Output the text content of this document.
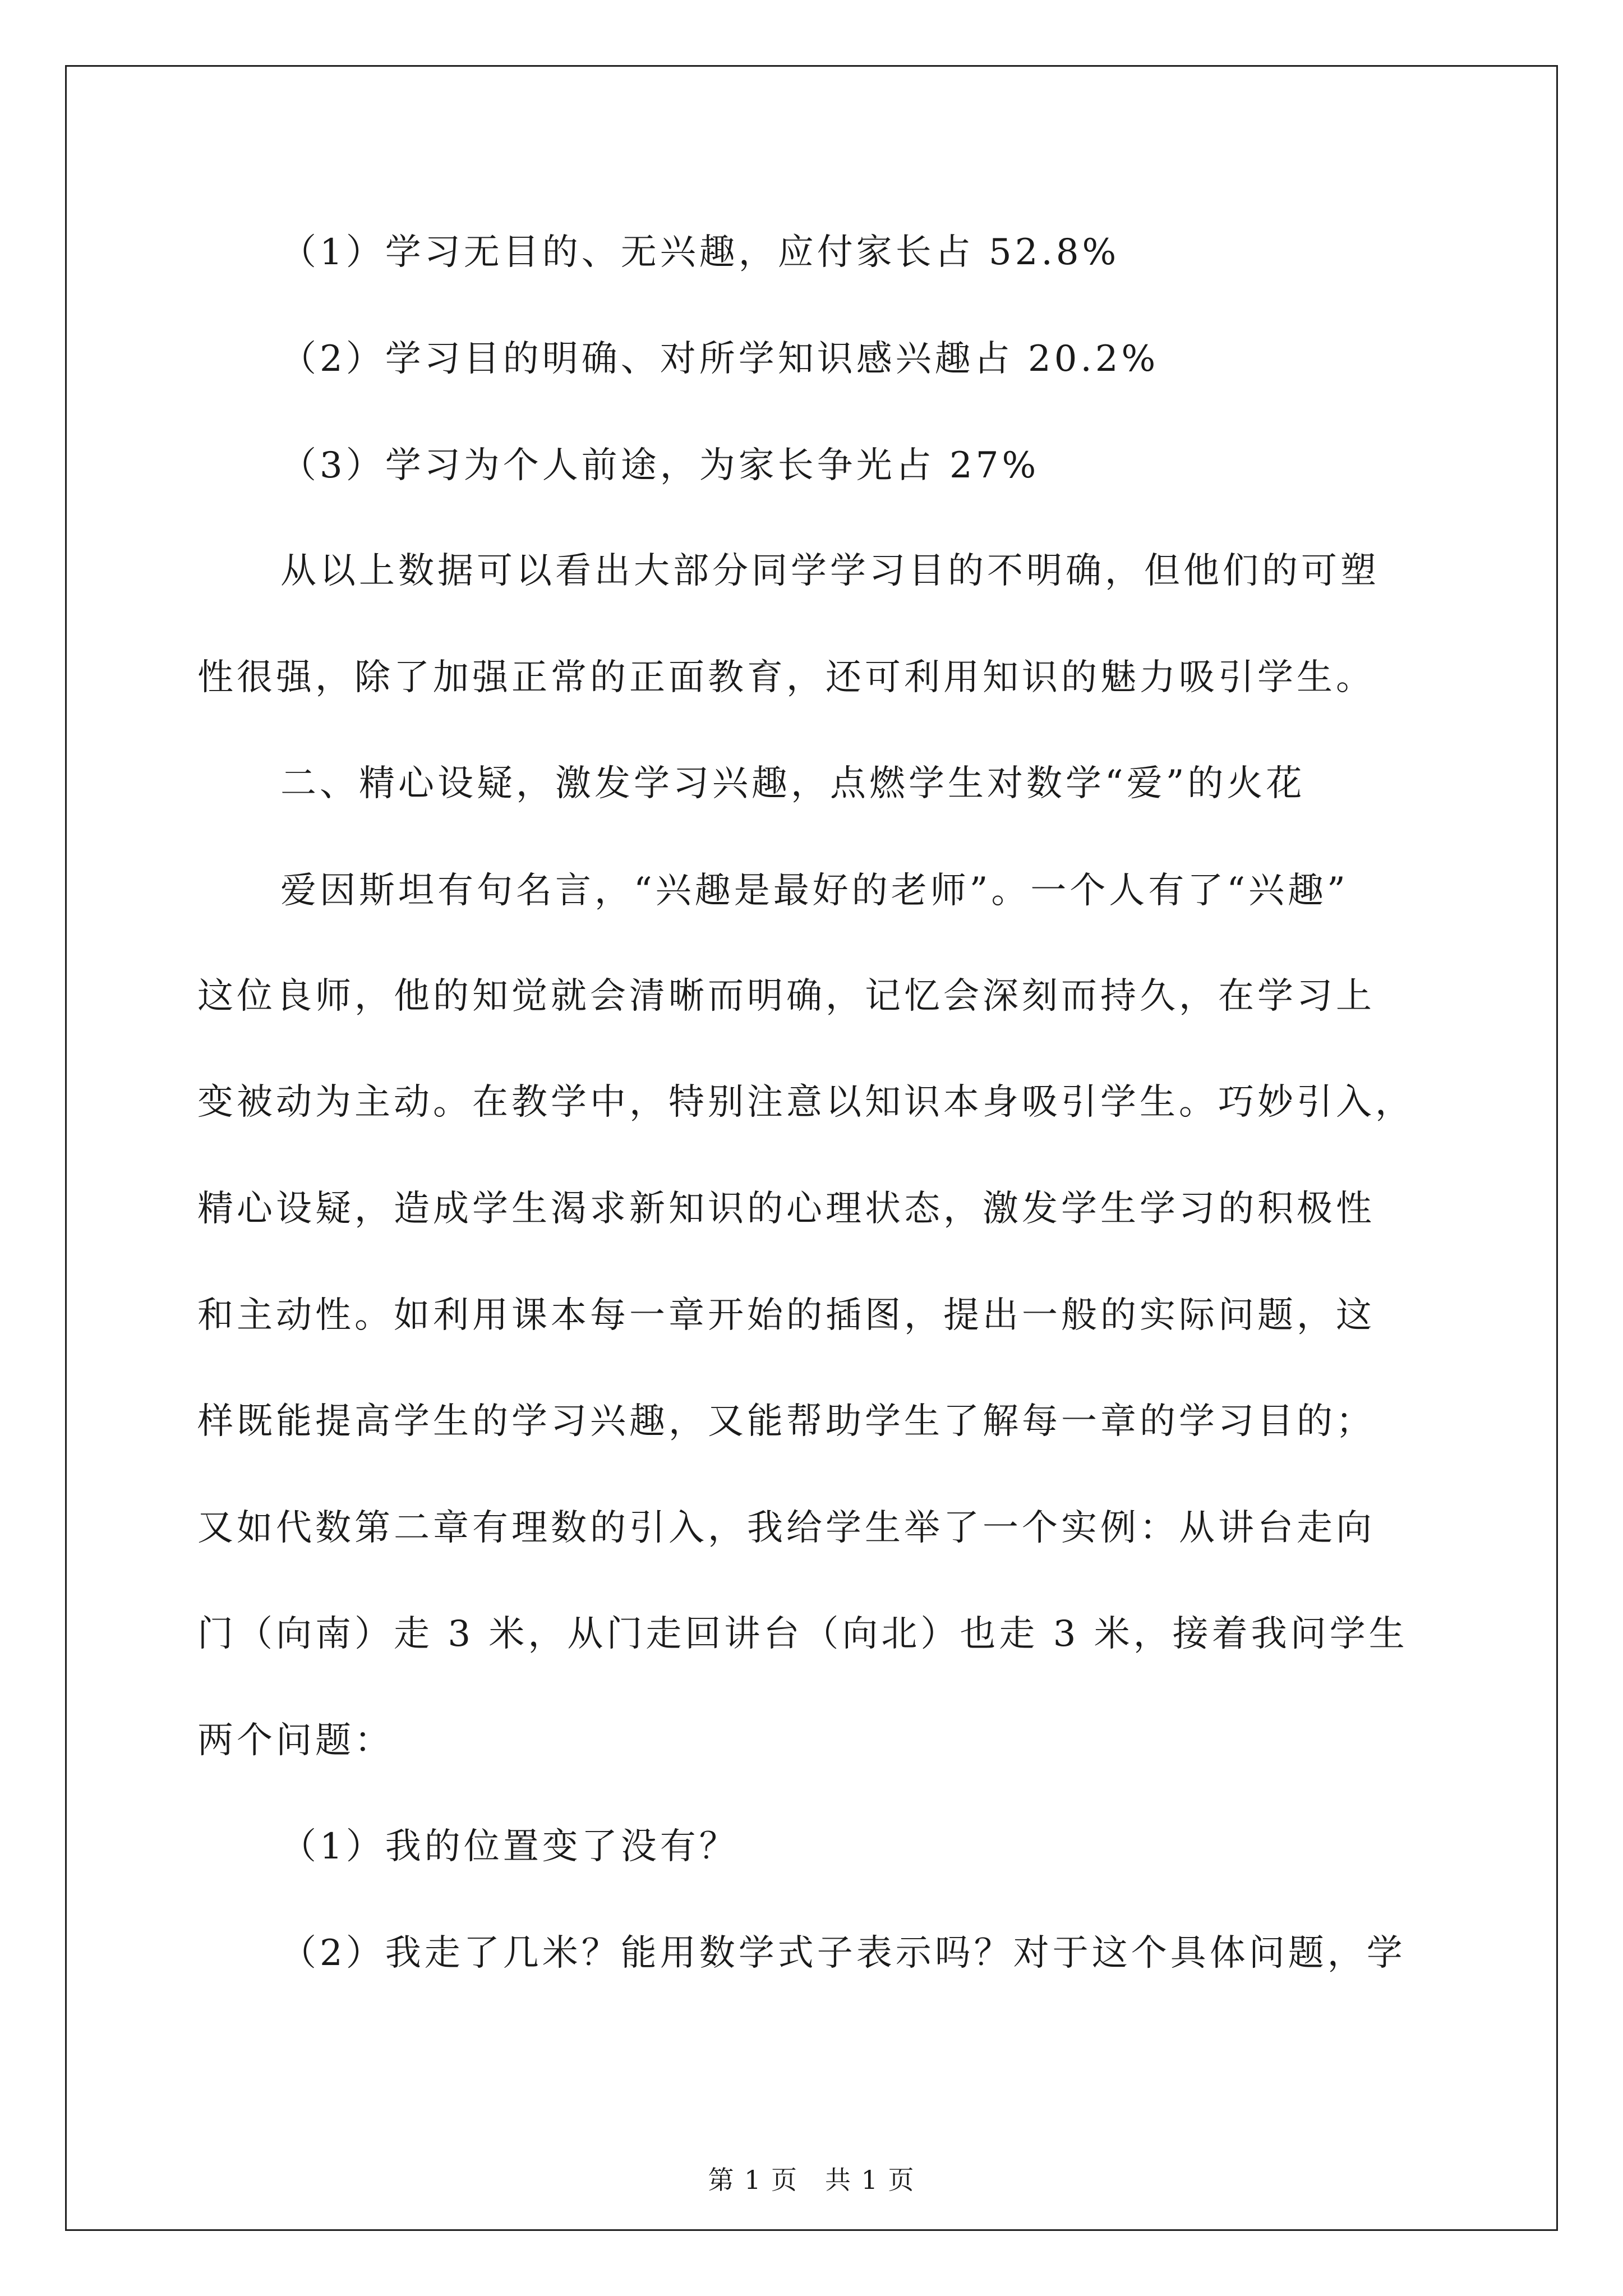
（1）学习无目的、无兴趣，应付家长占 52.8%
（2）学习目的明确、对所学知识感兴趣占 20.2%
（3）学习为个人前途，为家长争光占 27%
从以上数据可以看出大部分同学学习目的不明确，但他们的可塑
性很强，除了加强正常的正面教育，还可利用知识的魅力吸引学生。
二、精心设疑，激发学习兴趣，点燃学生对数学“爱”的火花
爱因斯坦有句名言，“兴趣是最好的老师”。一个人有了“兴趣”
这位良师，他的知觉就会清晰而明确，记忆会深刻而持久，在学习上
变被动为主动。在教学中，特别注意以知识本身吸引学生。巧妙引入，
精心设疑，造成学生渴求新知识的心理状态，激发学生学习的积极性
和主动性。如利用课本每一章开始的插图，提出一般的实际问题，这
样既能提高学生的学习兴趣，又能帮助学生了解每一章的学习目的；
又如代数第二章有理数的引入，我给学生举了一个实例：从讲台走向
门（向南）走 3 米，从门走回讲台（向北）也走 3 米，接着我问学生
两个问题：
（1）我的位置变了没有？
（2）我走了几米？能用数学式子表示吗？对于这个具体问题，学
第 1 页　共 1 页
